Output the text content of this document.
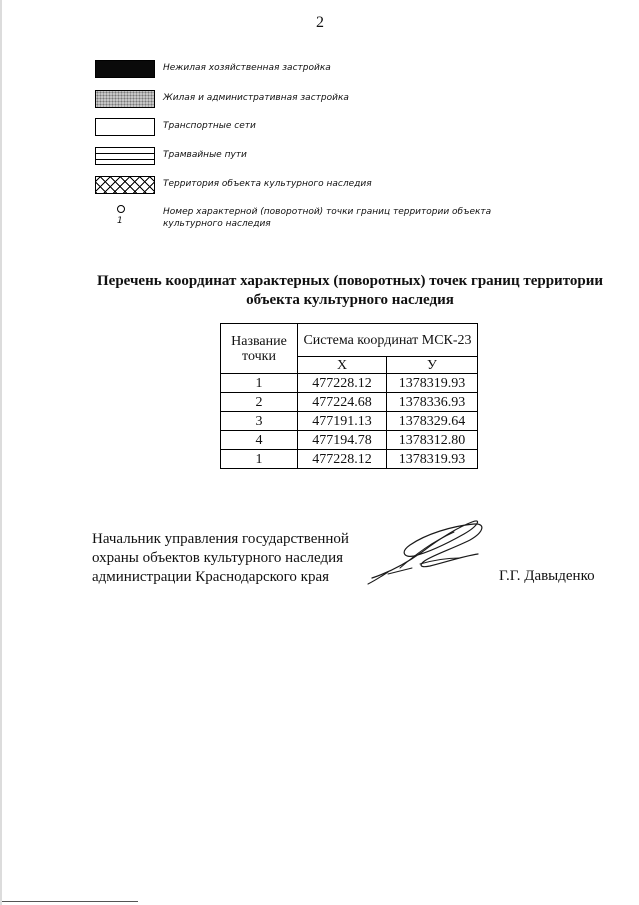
2
Нежилая хозяйственная застройка
Жилая и административная застройка
Транспортные сети
Трамвайные пути
Территория объекта культурного наследия
1
Номер характерной (поворотной) точки границ территории объекта культурного наследия
Перечень координат характерных (поворотных) точек границ территории объекта культурного наследия
Название точки	Система координат МСК-23	
	X	У
1	477228.12	1378319.93
2	477224.68	1378336.93
3	477191.13	1378329.64
4	477194.78	1378312.80
1	477228.12	1378319.93
Начальник управления государственной
охраны объектов культурного наследия
администрации Краснодарского края	Г.Г. Давыденко
